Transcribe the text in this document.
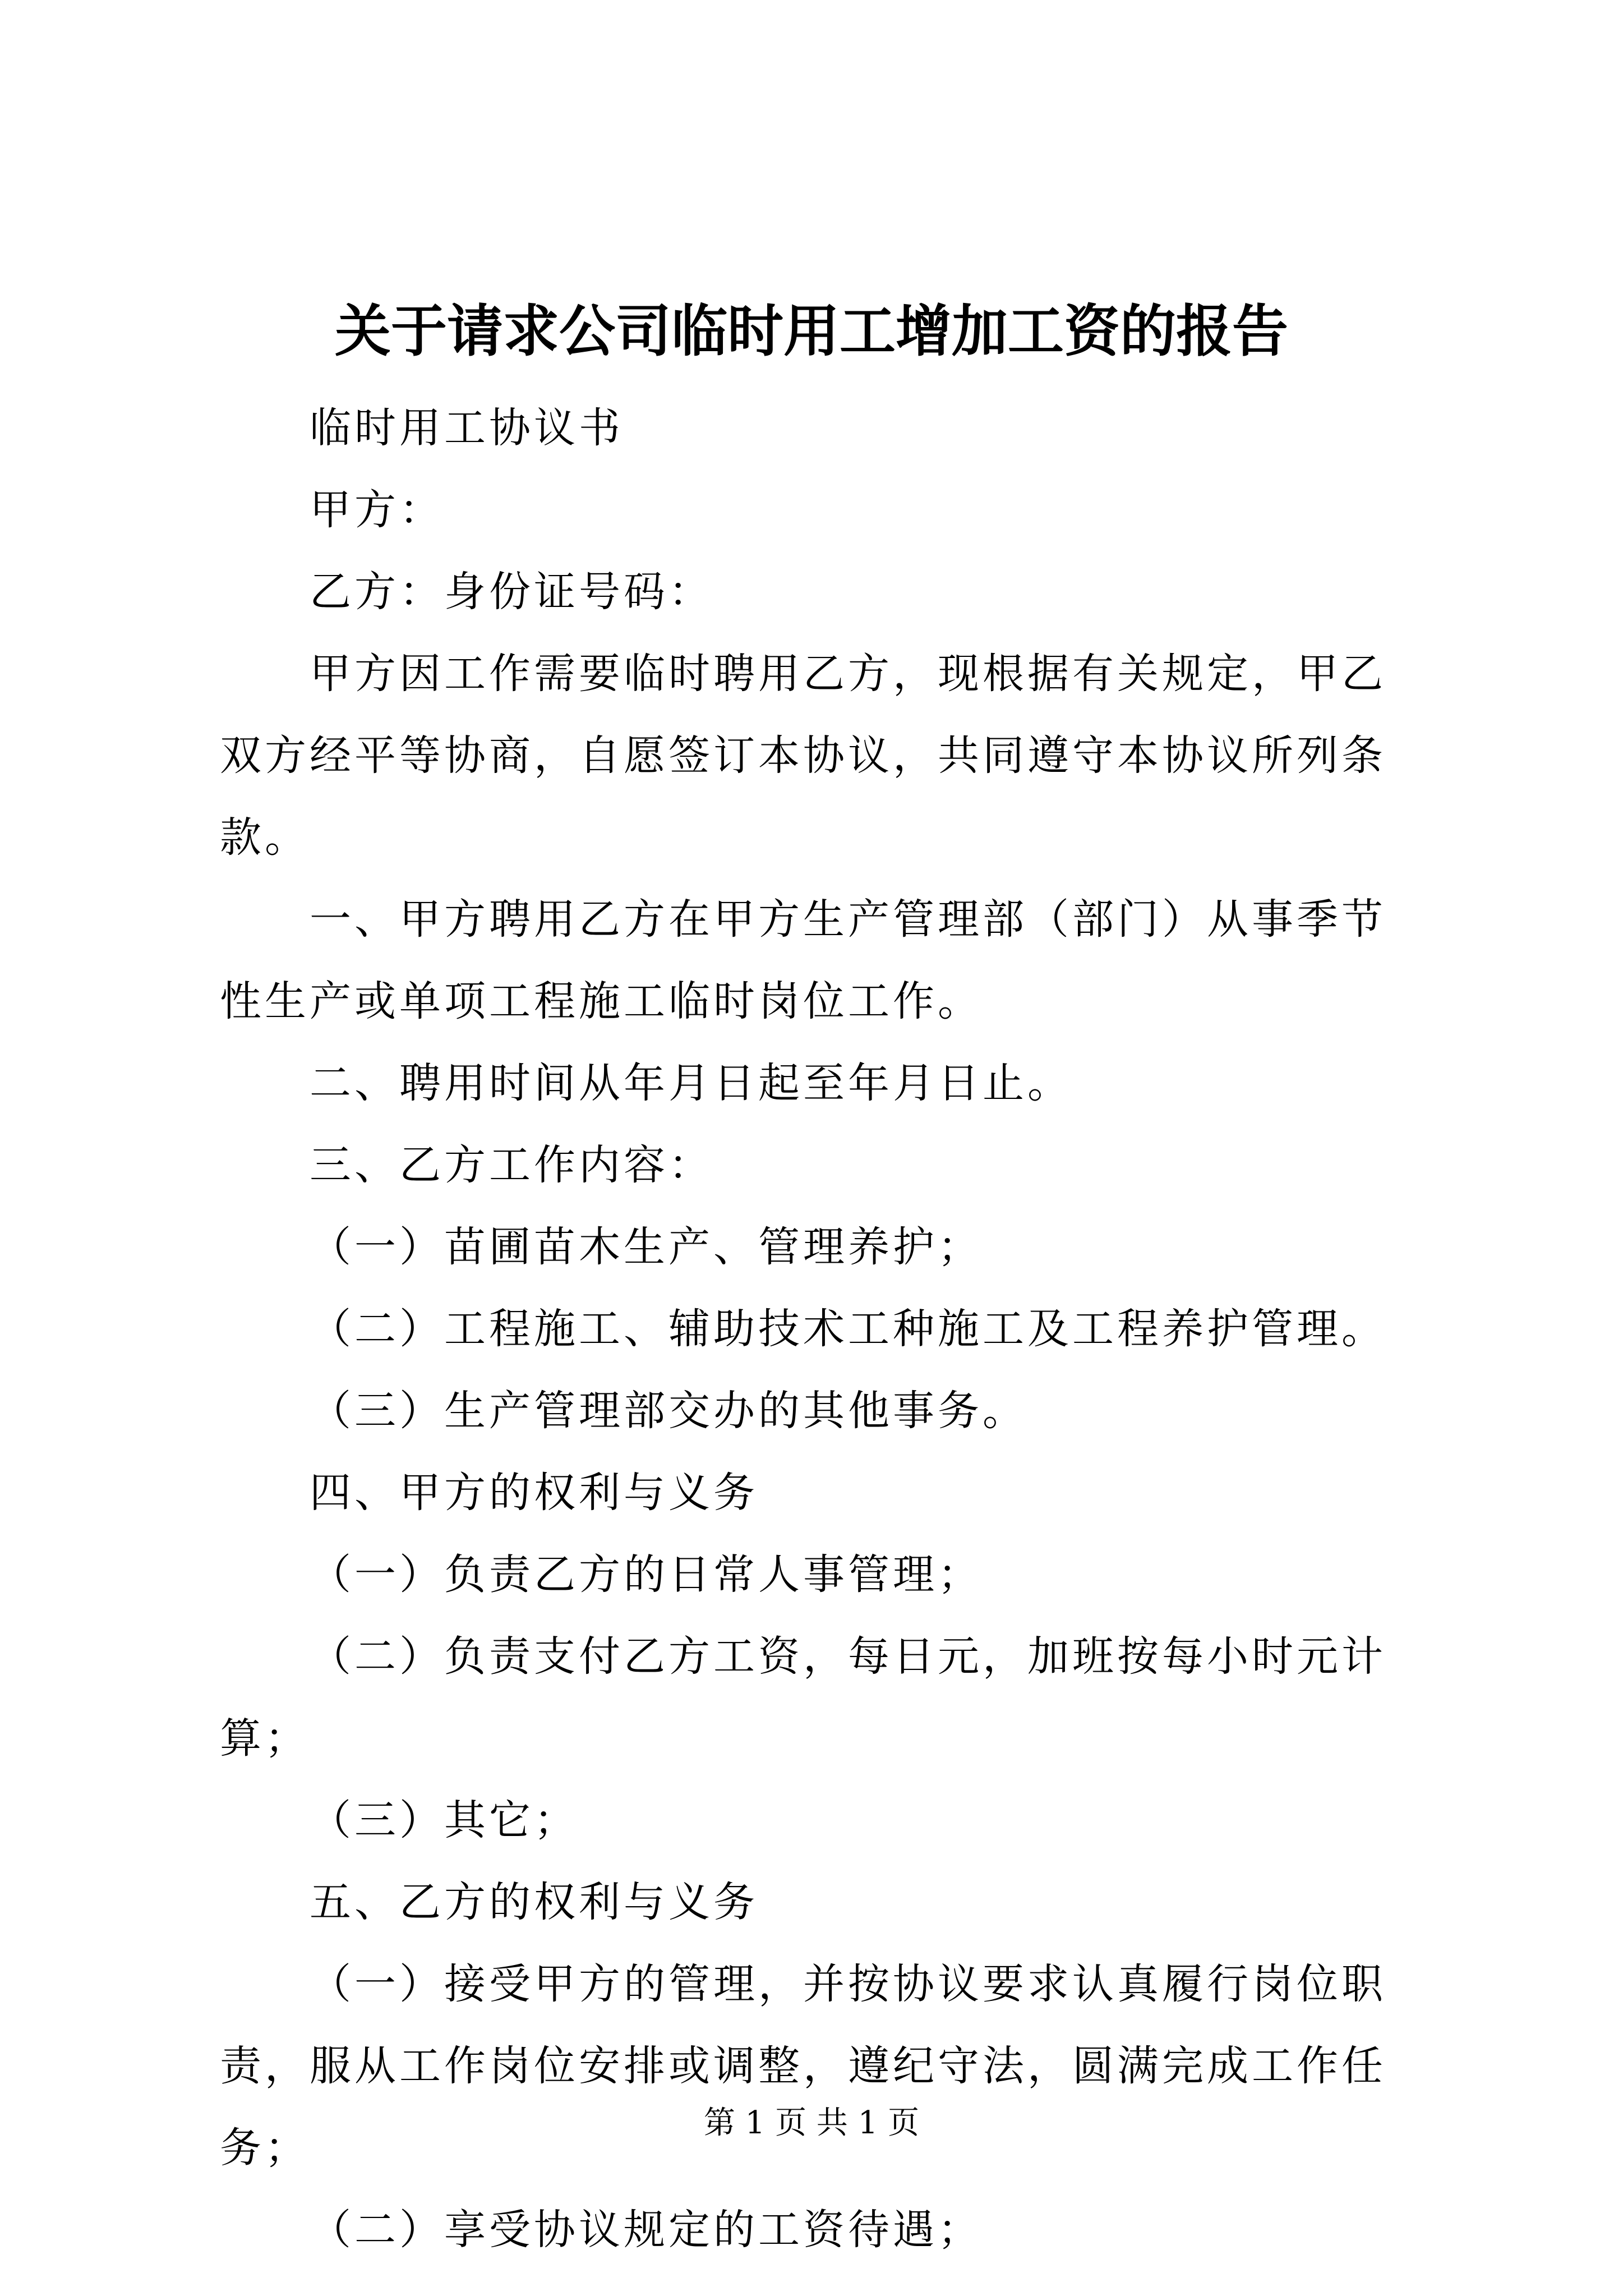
关于请求公司临时用工增加工资的报告

临时用工协议书

甲方：

乙方：身份证号码：

甲方因工作需要临时聘用乙方，现根据有关规定，甲乙双方经平等协商，自愿签订本协议，共同遵守本协议所列条款。

一、甲方聘用乙方在甲方生产管理部（部门）从事季节性生产或单项工程施工临时岗位工作。

二、聘用时间从年月日起至年月日止。

三、乙方工作内容：

（一）苗圃苗木生产、管理养护；

（二）工程施工、辅助技术工种施工及工程养护管理。

（三）生产管理部交办的其他事务。

四、甲方的权利与义务

（一）负责乙方的日常人事管理；

（二）负责支付乙方工资，每日元，加班按每小时元计算；

（三）其它；

五、乙方的权利与义务

（一）接受甲方的管理，并按协议要求认真履行岗位职责，服从工作岗位安排或调整，遵纪守法，圆满完成工作任务；

（二）享受协议规定的工资待遇；

第 1 页 共 1 页
